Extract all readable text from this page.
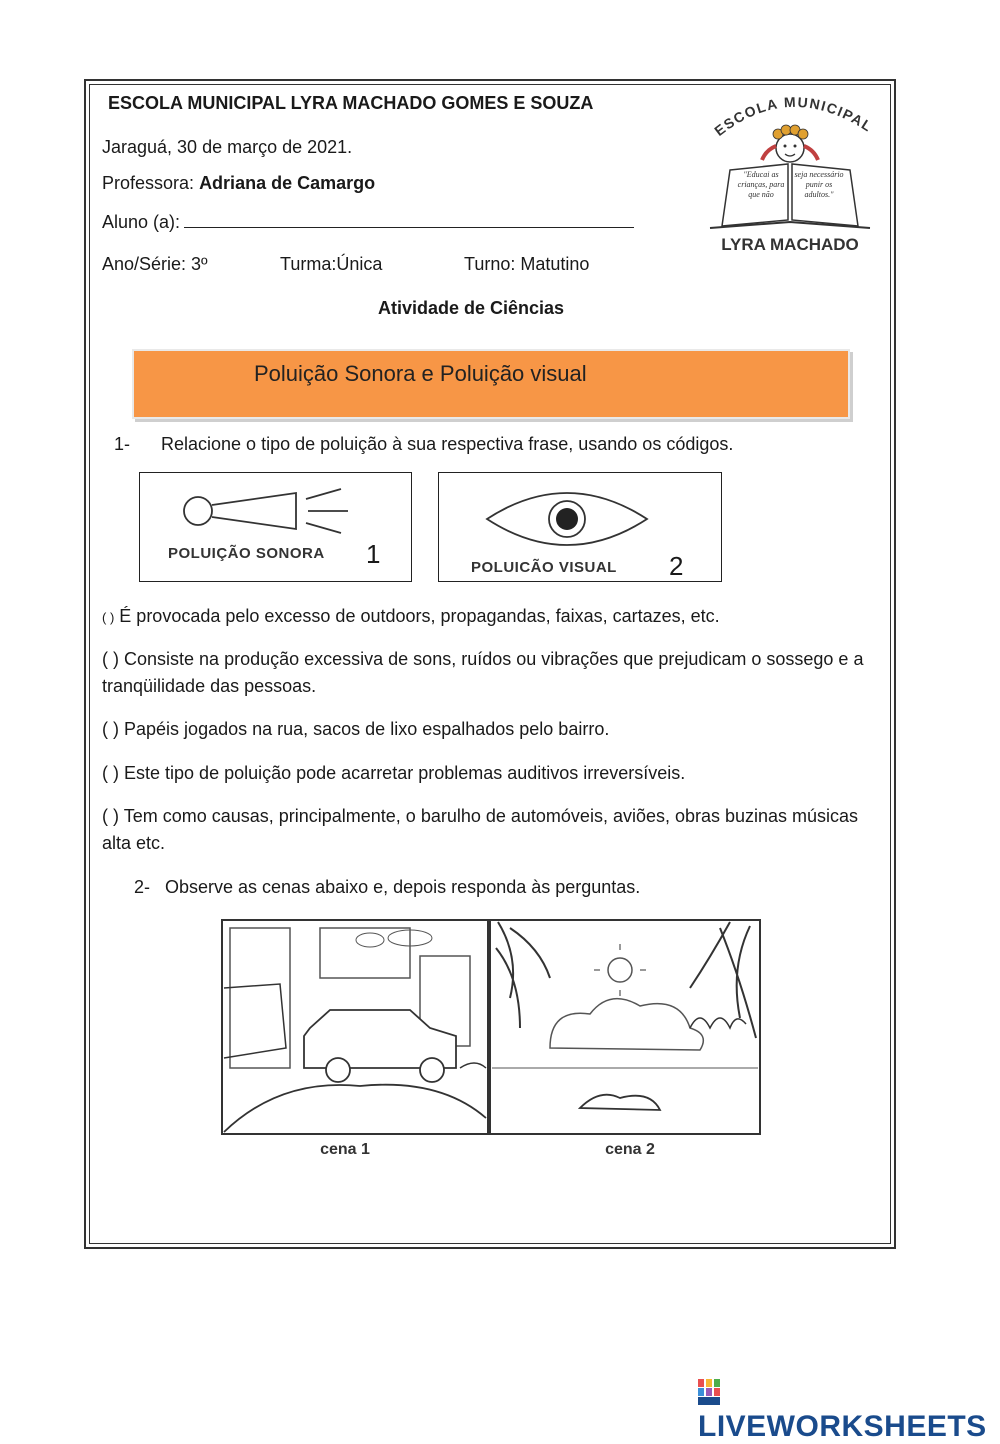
ESCOLA MUNICIPAL LYRA MACHADO GOMES E SOUZA
Jaraguá, 30 de março de 2021.
Professora: Adriana de Camargo
Aluno (a):
Ano/Série: 3º	Turma:Única	Turno: Matutino
Atividade de Ciências
ESCOLA MUNICIPAL
"Educai as crianças, para que não
seja necessário punir os adultos."
LYRA MACHADO
Poluição Sonora e Poluição visual
1- Relacione o tipo de poluição à sua respectiva frase, usando os códigos.
POLUIÇÃO SONORA 1	POLUICÃO VISUAL 2
( ) É provocada pelo excesso de outdoors, propagandas, faixas, cartazes, etc.
( ) Consiste na produção excessiva de sons, ruídos ou vibrações que prejudicam o sossego e a tranqüilidade das pessoas.
( ) Papéis jogados na rua, sacos de lixo espalhados pelo bairro.
( ) Este tipo de poluição pode acarretar problemas auditivos irreversíveis.
( ) Tem como causas, principalmente, o barulho de automóveis, aviões, obras buzinas músicas alta etc.
2- Observe as cenas abaixo e, depois responda às perguntas.
cena 1	cena 2
LIVEWORKSHEETS
